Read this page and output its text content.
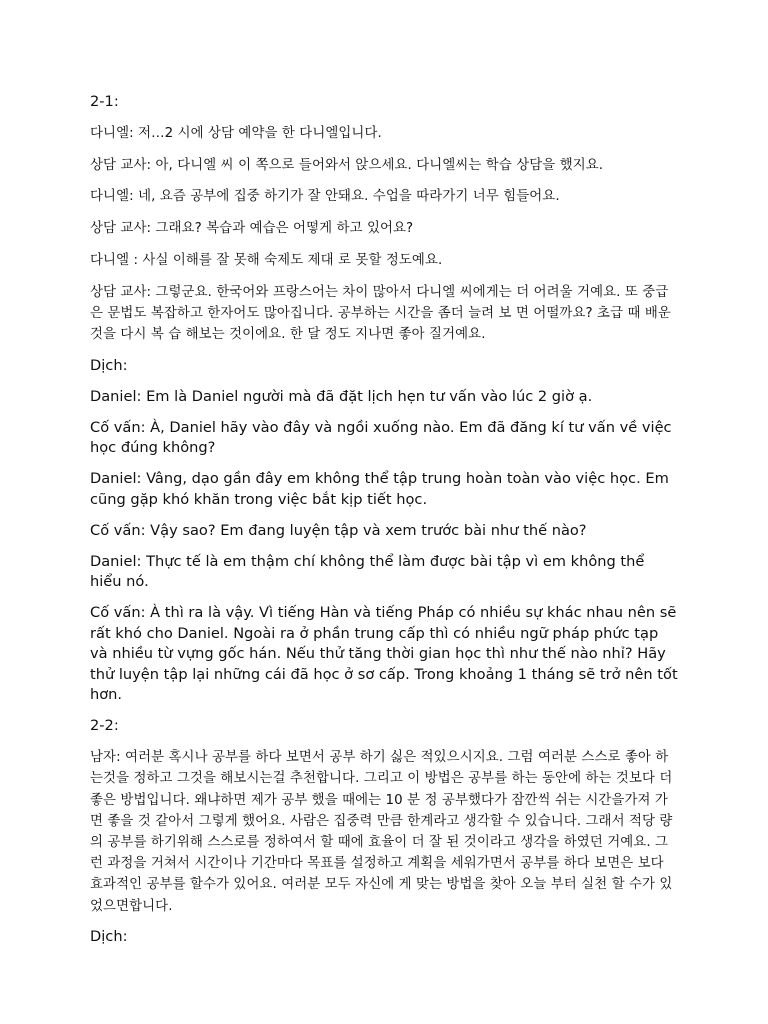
2-1:

다니엘: 저…2 시에 상담 예약을 한 다니엘입니다.

상담 교사: 아, 다니엘 씨 이 쪽으로 들어와서 앉으세요. 다니엘씨는 학습 상담을 했지요.

다니엘: 네, 요즘 공부에 집중 하기가 잘 안돼요. 수업을 따라가기 너무 힘들어요.

상담 교사: 그래요? 복습과 예습은 어떻게 하고 있어요?

다니엘 : 사실 이해를 잘 못해 숙제도 제대 로 못할 정도예요.

상담 교사: 그렇군요. 한국어와 프랑스어는 차이 많아서 다니엘 씨에게는 더 어려울 거예요. 또 중급은 문법도 복잡하고 한자어도 많아집니다. 공부하는 시간을 좀더 늘려 보 면 어떨까요? 초급 때 배운 것을 다시 복 습 해보는 것이에요. 한 달 정도 지나면 좋아 질거예요.

Dịch:

Daniel: Em là Daniel người mà đã đặt lịch hẹn tư vấn vào lúc 2 giờ ạ.

Cố vấn: À, Daniel hãy vào đây và ngồi xuống nào. Em đã đăng kí tư vấn về việc học đúng không?

Daniel: Vâng, dạo gần đây em không thể tập trung hoàn toàn vào việc học. Em cũng gặp khó khăn trong việc bắt kịp tiết học.

Cố vấn: Vậy sao? Em đang luyện tập và xem trước bài như thế nào?

Daniel: Thực tế là em thậm chí không thể làm được bài tập vì em không thể hiểu nó.

Cố vấn: À thì ra là vậy. Vì tiếng Hàn và tiếng Pháp có nhiều sự khác nhau nên sẽ rất khó cho Daniel. Ngoài ra ở phần trung cấp thì có nhiều ngữ pháp phức tạp và nhiều từ vựng gốc hán. Nếu thử tăng thời gian học thì như thế nào nhỉ? Hãy thử luyện tập lại những cái đã học ở sơ cấp. Trong khoảng 1 tháng sẽ trở nên tốt hơn.

2-2:

남자: 여러분 혹시나 공부를 하다 보면서 공부 하기 싫은 적있으시지요. 그럼 여러분 스스로 좋아 하는것을 정하고 그것을 해보시는걸 추천합니다. 그리고 이 방법은 공부를 하는 동안에 하는 것보다 더 좋은 방법입니다. 왜냐하면 제가 공부 했을 때에는 10 분 정 공부했다가 잠깐씩 쉬는 시간을가져 가면 좋을 것 같아서 그렇게 했어요. 사람은 집중력 만큼 한계라고 생각할 수 있습니다. 그래서 적당 량의 공부를 하기위해 스스로를 정하여서 할 때에 효율이 더 잘 된 것이라고 생각을 하였던 거예요. 그런 과정을 거쳐서 시간이나 기간마다 목표를 설정하고 계획을 세워가면서 공부를 하다 보면은 보다 효과적인 공부를 할수가 있어요. 여러분 모두 자신에 게 맞는 방법을 찾아 오늘 부터 실천 할 수가 있었으면합니다.

Dịch:
